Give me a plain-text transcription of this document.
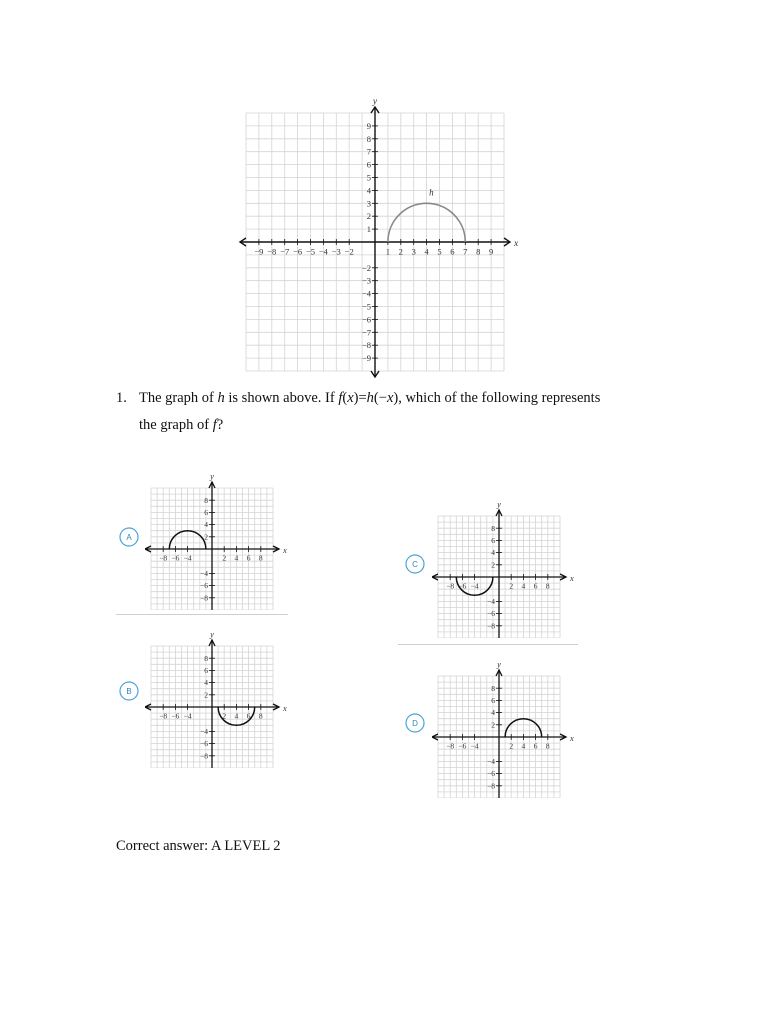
−9 −8 −7 −6 −5 −4 −3 −2	1 2 3 4 5 6 7 8 9
9
8
7
6
5
4
3
2
1
−2
−3
−4
−5
−6
−7
−8
−9
x
y
h
1. The graph of h is shown above. If f(x)=h(−x), which of the following represents
the graph of f?
−8 −6 −4	2 4 6 8
8
6
4
2
−4
−6
−8
x
y
−8 −6 −4	2 4 6 8
8
6
4
2
−4
−6
−8
x
y
−8 −6 −4	2 4 6 8
8
6
4
2
−4
−6
−8
x
y
−8 −6 −4	2 4 6 8
8
6
4
2
−4
−6
−8
x
y
A
B
C
D
Correct answer: A LEVEL 2
